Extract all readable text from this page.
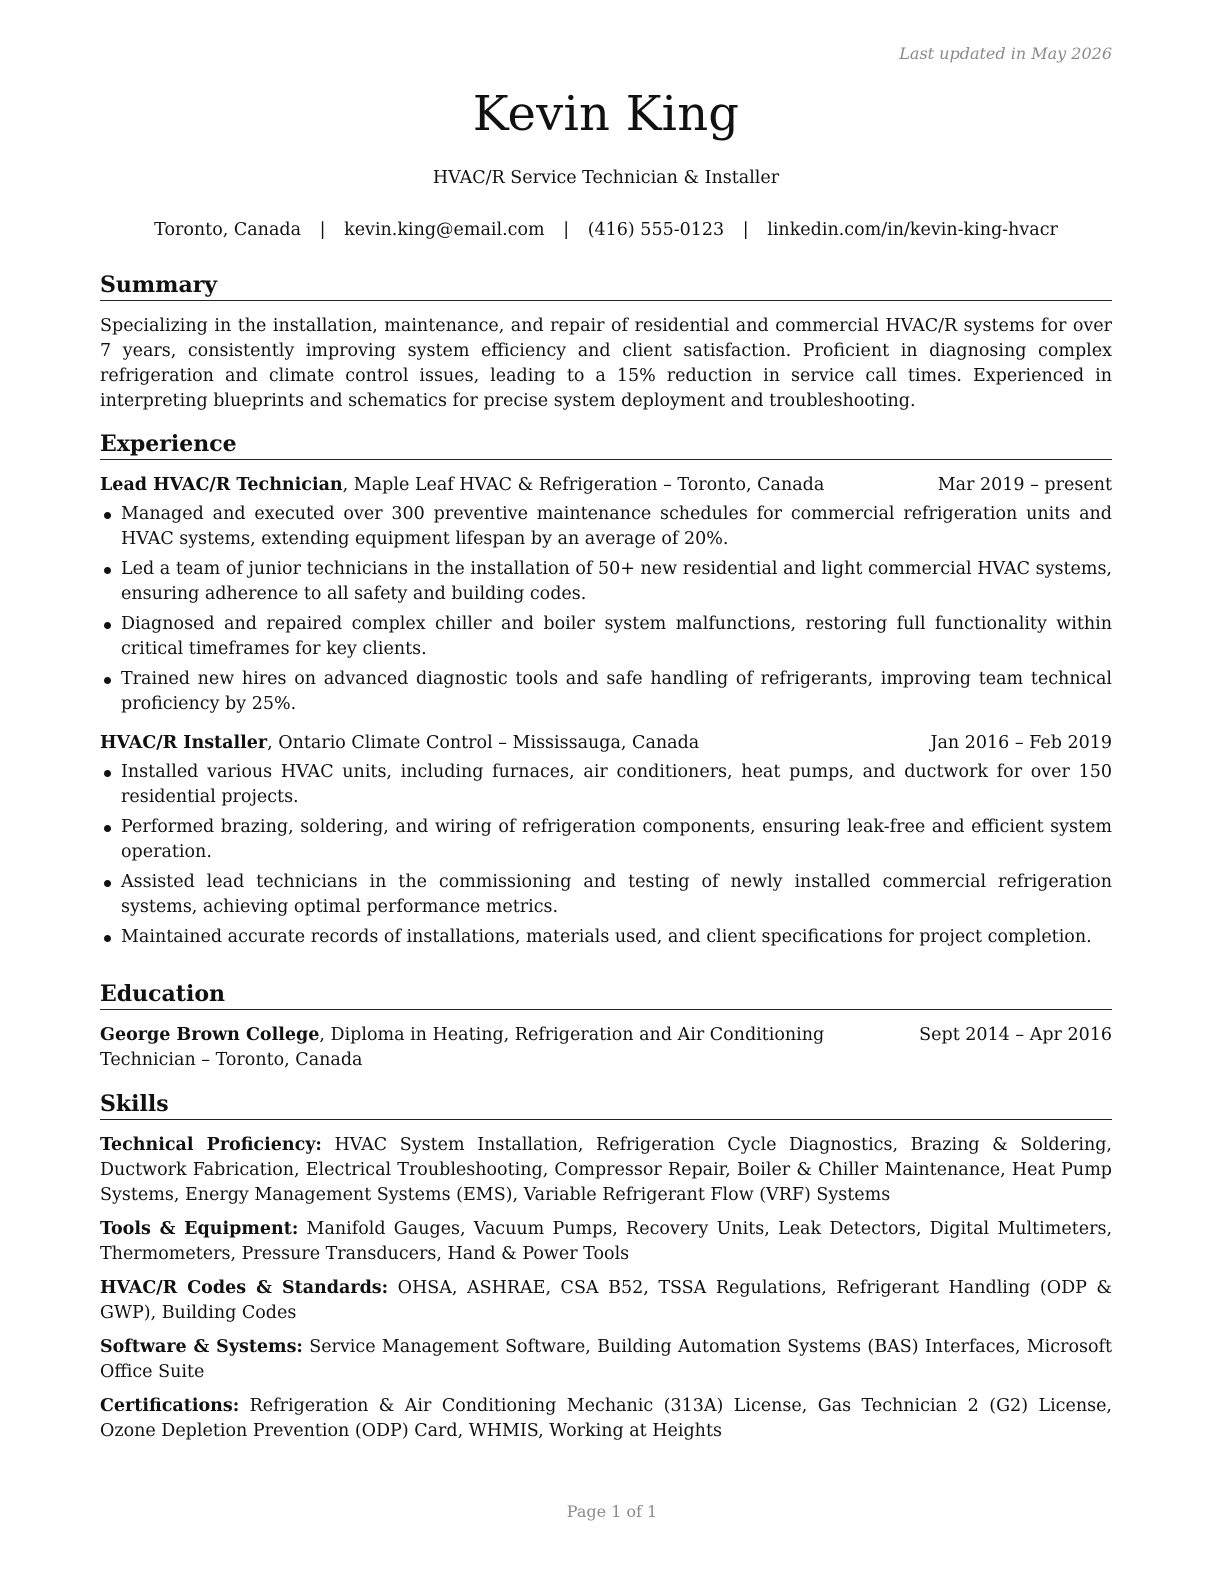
Last updated in May 2026
Kevin King
HVAC/R Service Technician & Installer
Toronto, Canada | kevin.king@email.com | (416) 555-0123 | linkedin.com/in/kevin-king-hvacr
Summary

Specializing in the installation, maintenance, and repair of residential and commercial HVAC/R systems for over 7 years, consistently improving system efficiency and client satisfaction. Proficient in diagnosing complex refrigeration and climate control issues, leading to a 15% reduction in service call times. Experienced in interpreting blueprints and schematics for precise system deployment and troubleshooting.

Experience
Lead HVAC/R Technician, Maple Leaf HVAC & Refrigeration – Toronto, Canada	Mar 2019 – present
Managed and executed over 300 preventive maintenance schedules for commercial refrigeration units and HVAC systems, extending equipment lifespan by an average of 20%.
Led a team of junior technicians in the installation of 50+ new residential and light commercial HVAC systems, ensuring adherence to all safety and building codes.
Diagnosed and repaired complex chiller and boiler system malfunctions, restoring full functionality within critical timeframes for key clients.
Trained new hires on advanced diagnostic tools and safe handling of refrigerants, improving team technical proficiency by 25%.
HVAC/R Installer, Ontario Climate Control – Mississauga, Canada	Jan 2016 – Feb 2019
Installed various HVAC units, including furnaces, air conditioners, heat pumps, and ductwork for over 150 residential projects.
Performed brazing, soldering, and wiring of refrigeration components, ensuring leak-free and efficient system operation.
Assisted lead technicians in the commissioning and testing of newly installed commercial refrigeration systems, achieving optimal performance metrics.
Maintained accurate records of installations, materials used, and client specifications for project completion.
Education
George Brown College, Diploma in Heating, Refrigeration and Air Conditioning Technician – Toronto, Canada
Sept 2014 – Apr 2016
Skills

Technical Proficiency: HVAC System Installation, Refrigeration Cycle Diagnostics, Brazing & Soldering, Ductwork Fabrication, Electrical Troubleshooting, Compressor Repair, Boiler & Chiller Maintenance, Heat Pump Systems, Energy Management Systems (EMS), Variable Refrigerant Flow (VRF) Systems

Tools & Equipment: Manifold Gauges, Vacuum Pumps, Recovery Units, Leak Detectors, Digital Multimeters, Thermometers, Pressure Transducers, Hand & Power Tools

HVAC/R Codes & Standards: OHSA, ASHRAE, CSA B52, TSSA Regulations, Refrigerant Handling (ODP & GWP), Building Codes

Software & Systems: Service Management Software, Building Automation Systems (BAS) Interfaces, Microsoft Office Suite

Certifications: Refrigeration & Air Conditioning Mechanic (313A) License, Gas Technician 2 (G2) License, Ozone Depletion Prevention (ODP) Card, WHMIS, Working at Heights

Page 1 of 1
